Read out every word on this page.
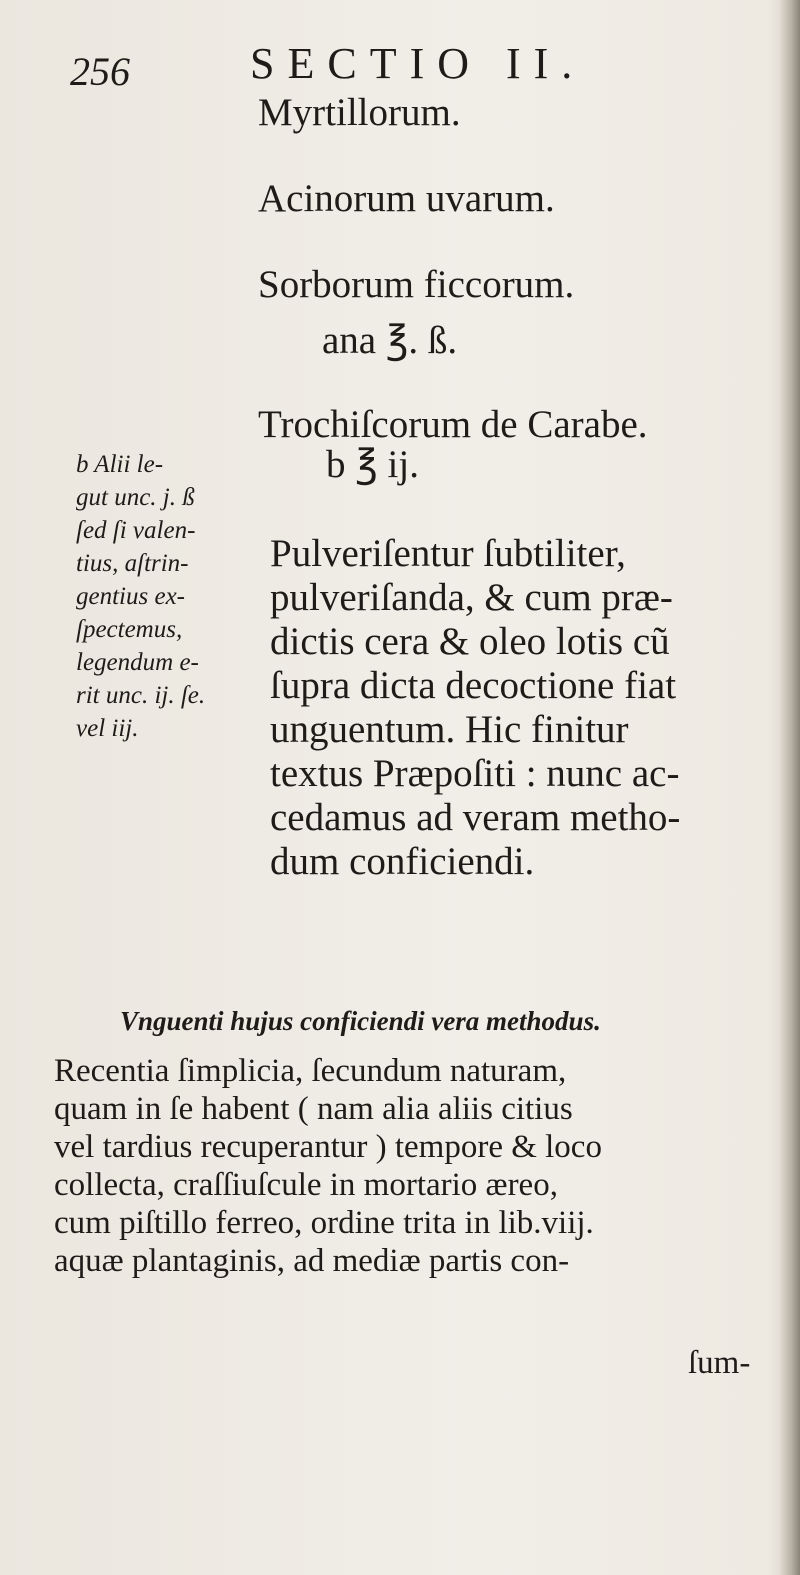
256	SECTIO II.
Myrtillorum.
Acinorum uvarum.
Sorborum ficcorum.
ana ℥. ß.
Trochiſcorum de Carabe.
b ℥ ij.
b Alii le-
gut unc. j. ß
ſed ſi valen-
tius, aſtrin-
gentius ex-
ſpectemus,
legendum e-
rit unc. ij. ſe.
vel iij.
Pulveriſentur ſubtiliter,
pulveriſanda, & cum præ-
dictis cera & oleo lotis cũ
ſupra dicta decoctione fiat
unguentum. Hic finitur
textus Præpoſiti : nunc ac-
cedamus ad veram metho-
dum conficiendi.
Vnguenti hujus conficiendi vera methodus.
Recentia ſimplicia, ſecundum naturam,
quam in ſe habent ( nam alia aliis citius
vel tardius recuperantur ) tempore & loco
collecta, craſſiuſcule in mortario æreo,
cum piſtillo ferreo, ordine trita in lib.viij.
aquæ plantaginis, ad mediæ partis con-
ſum-
